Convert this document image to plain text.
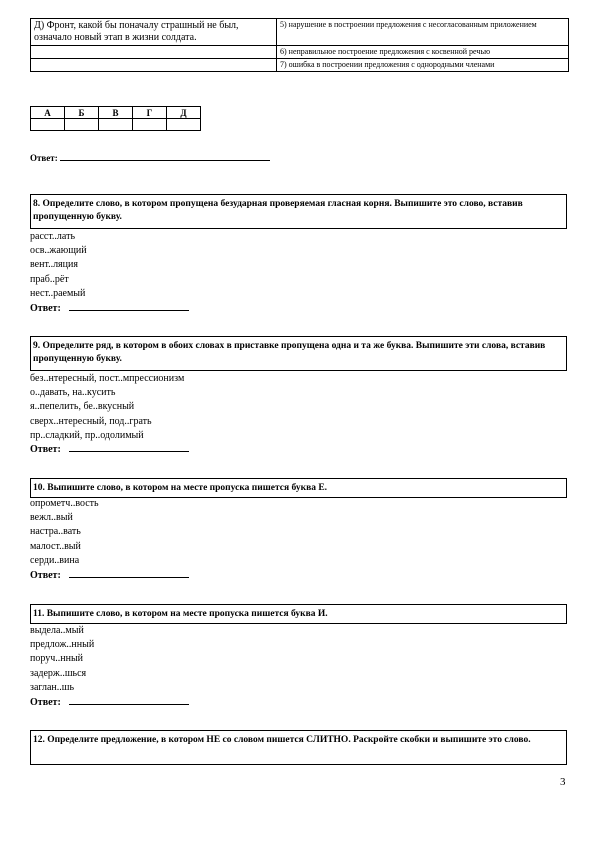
Д) Фронт, какой бы поначалу страшный не был, означало новый этап в жизни солдата.	5) нарушение в построении предложения с несогласованным приложением
	6) неправильное построение предложения с косвенной речью
	7) ошибка в построении предложения с однородными членами
А	Б	В	Г	Д

Ответ:
8. Определите слово, в котором пропущена безударная проверяемая гласная корня. Выпишите это слово, вставив пропущенную букву.
расст..лать
осв..жающий
вент..ляция
праб..рёт
нест..раемый
Ответ:
9. Определите ряд, в котором в обоих словах в приставке пропущена одна и та же буква. Выпишите эти слова, вставив пропущенную букву.
без..нтересный, пост..мпрессионизм
о..давать, на..кусить
я..пепелить, бе..вкусный
сверх..нтересный, под..грать
пр..сладкий, пр..одолимый
Ответ:
10. Выпишите слово, в котором на месте пропуска пишется буква Е.
опрометч..вость
вежл..вый
настра..вать
малост..вый
серди..вина
Ответ:
11. Выпишите слово, в котором на месте пропуска пишется буква И.
выдела..мый
предлож..нный
поруч..нный
задерж..шься
заглан..шь
Ответ:
12. Определите предложение, в котором НЕ со словом пишется СЛИТНО. Раскройте скобки и выпишите это слово.
3
